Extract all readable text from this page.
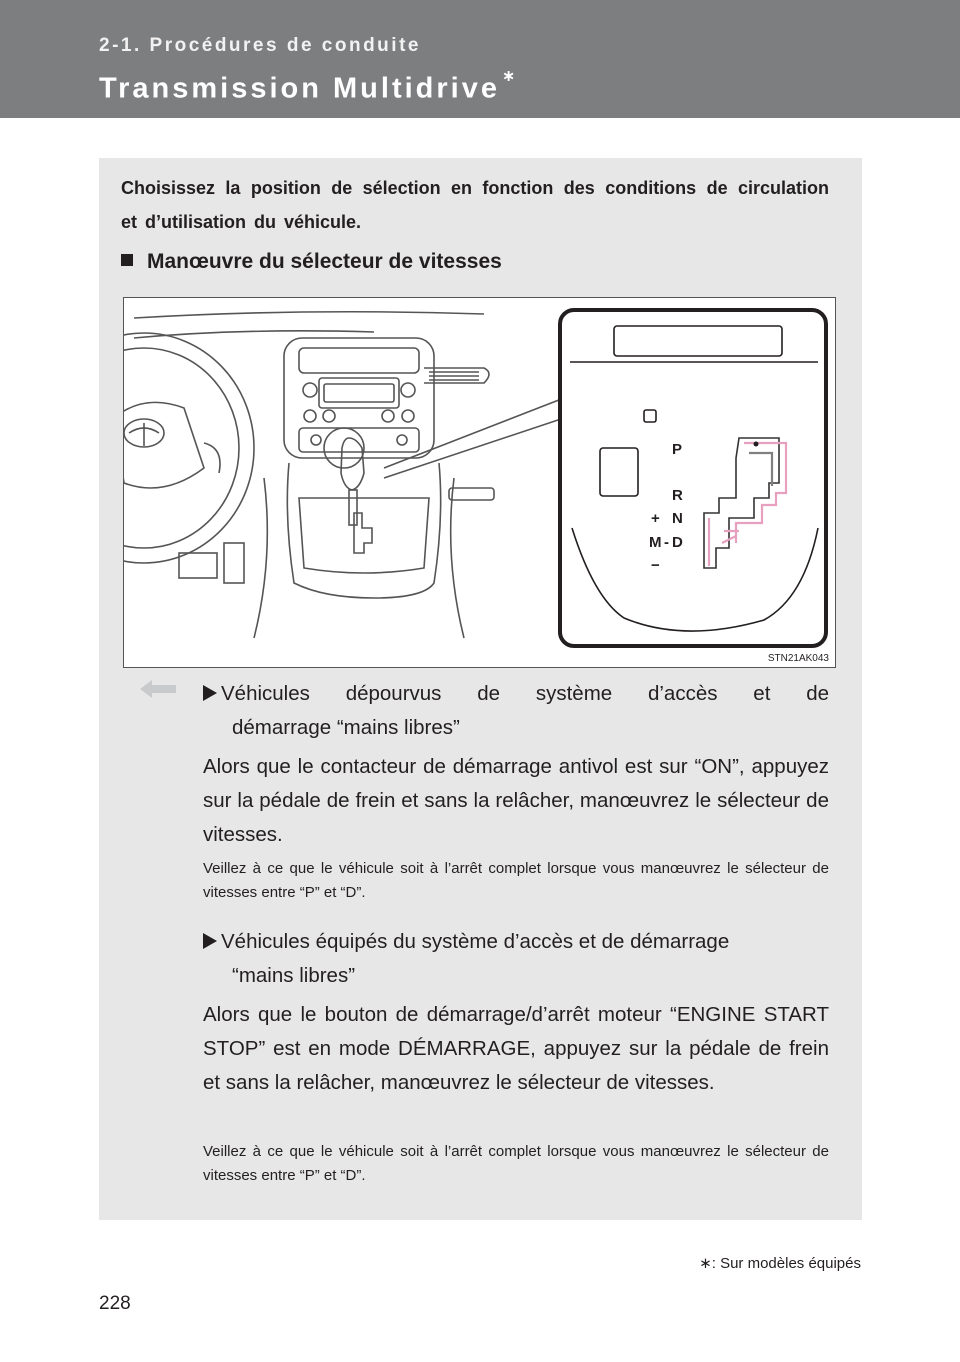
2-1. Procédures de conduite
Transmission Multidrive ∗
Choisissez la position de sélection en fonction des conditions de circulation et d’utilisation du véhicule.
Manœuvre du sélecteur de vitesses
P
R
+ N
M - D
−
STN21AK043
Véhicules dépourvus de système d’accès et de
démarrage “mains libres”
Alors que le contacteur de démarrage antivol est sur “ON”, appuyez sur la pédale de frein et sans la relâcher, manœuvrez le sélecteur de vitesses.
Veillez à ce que le véhicule soit à l’arrêt complet lorsque vous manœuvrez le sélecteur de vitesses entre “P” et “D”.
Véhicules équipés du système d’accès et de démarrage
“mains libres”
Alors que le bouton de démarrage/d’arrêt moteur “ENGINE START STOP” est en mode DÉMARRAGE, appuyez sur la pédale de frein et sans la relâcher, manœuvrez le sélecteur de vitesses.
Veillez à ce que le véhicule soit à l’arrêt complet lorsque vous manœuvrez le sélecteur de vitesses entre “P” et “D”.
∗: Sur modèles équipés
228
